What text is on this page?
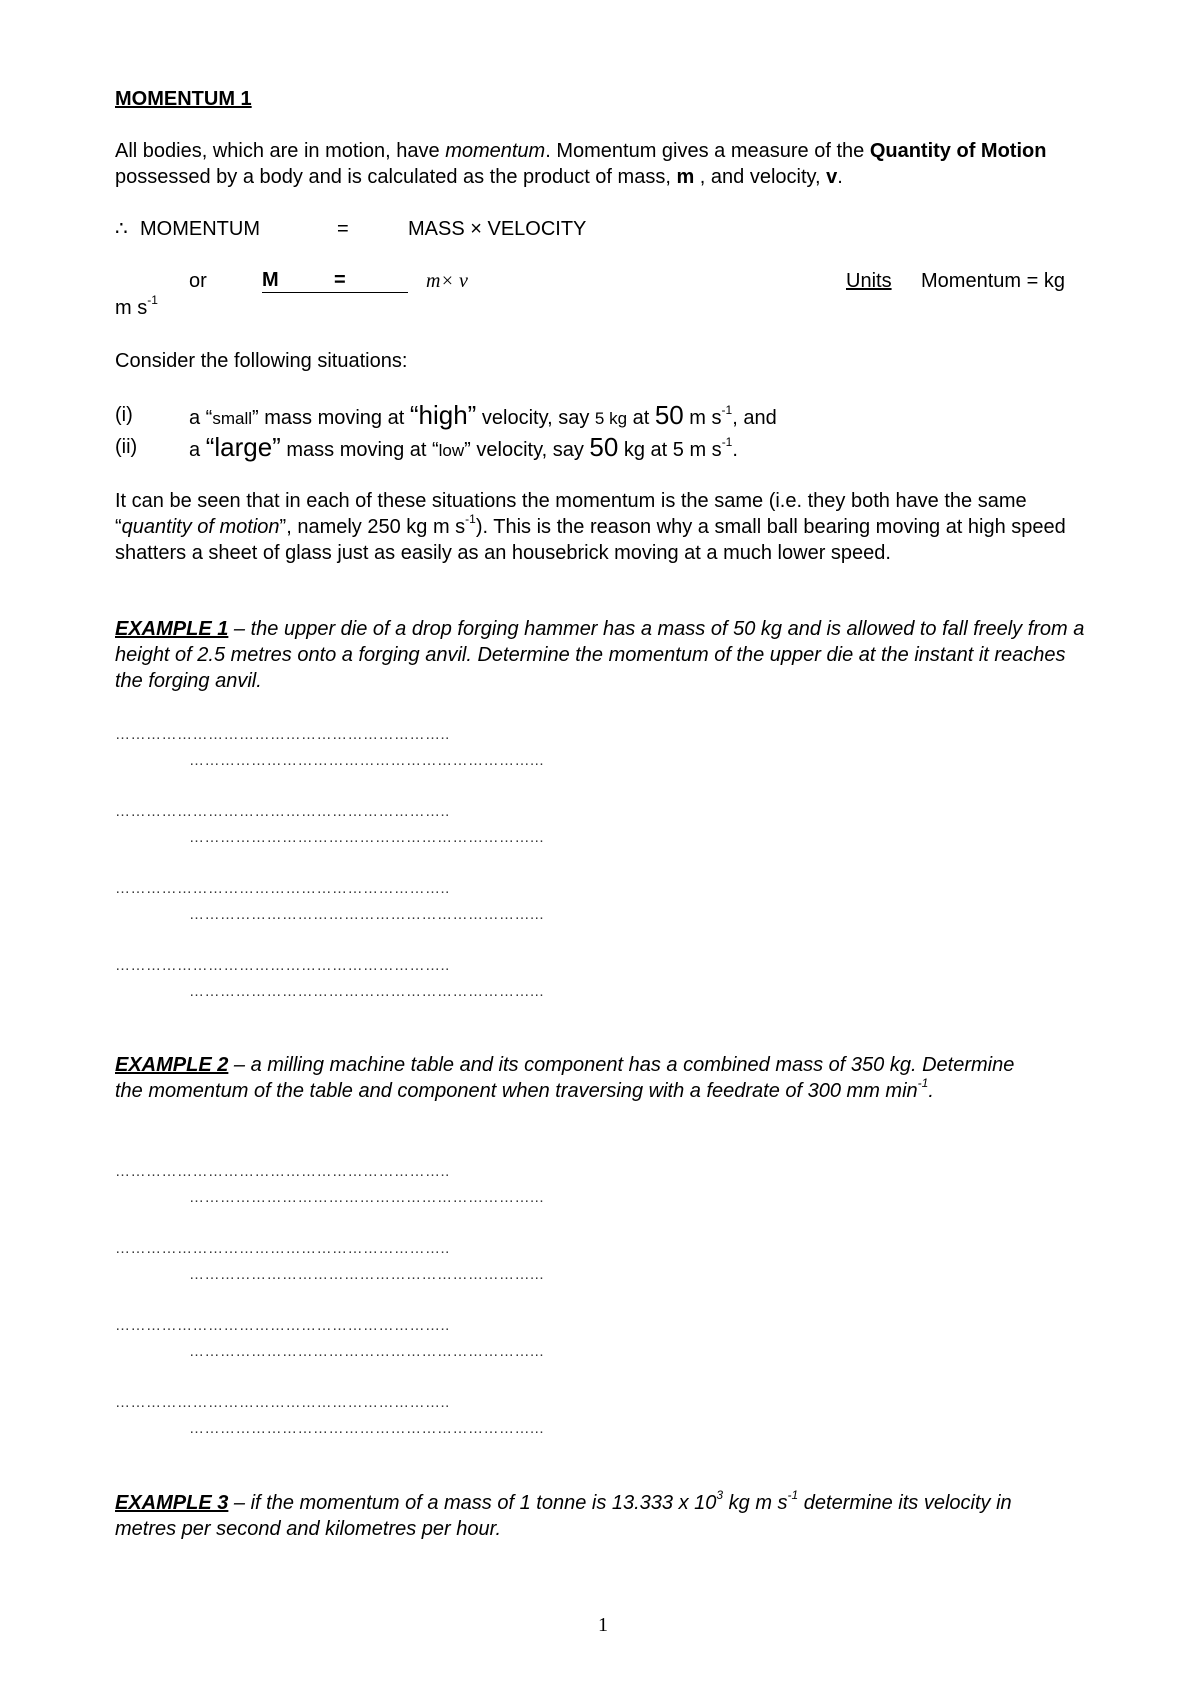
MOMENTUM 1
All bodies, which are in motion, have momentum. Momentum gives a measure of the Quantity of Motion possessed by a body and is calculated as the product of mass, m , and velocity, v.
∴ MOMENTUM	=	MASS × VELOCITY
or	M	=	m× v	Units Momentum = kg
m $s^{-1}$
Consider the following situations:
(i)	a “small” mass moving at “high” velocity, say 5 kg at 50 m $s^{-1}$, and
(ii)	a “large” mass moving at “low” velocity, say 50 kg at 5 m $s^{-1}$.
It can be seen that in each of these situations the momentum is the same (i.e. they both have the same “quantity of motion”, namely 250 kg m $s^{-1}$). This is the reason why a small ball bearing moving at high speed shatters a sheet of glass just as easily as an housebrick moving at a much lower speed.
EXAMPLE 1 – the upper die of a drop forging hammer has a mass of 50 kg and is allowed to fall freely from a height of 2.5 metres onto a forging anvil. Determine the momentum of the upper die at the instant it reaches the forging anvil.
………………………………………………………..
…………………………………………………………...
………………………………………………………..
…………………………………………………………...
………………………………………………………..
…………………………………………………………...
………………………………………………………..
…………………………………………………………...
EXAMPLE 2 – a milling machine table and its component has a combined mass of 350 kg. Determine the momentum of the table and component when traversing with a feedrate of 300 mm $\min^{-1}$.
………………………………………………………..
…………………………………………………………...
………………………………………………………..
…………………………………………………………...
………………………………………………………..
…………………………………………………………...
………………………………………………………..
…………………………………………………………...
EXAMPLE 3 – if the momentum of a mass of 1 tonne is 13.333 x $10^3$ kg m $s^{-1}$ determine its velocity in metres per second and kilometres per hour.
1
